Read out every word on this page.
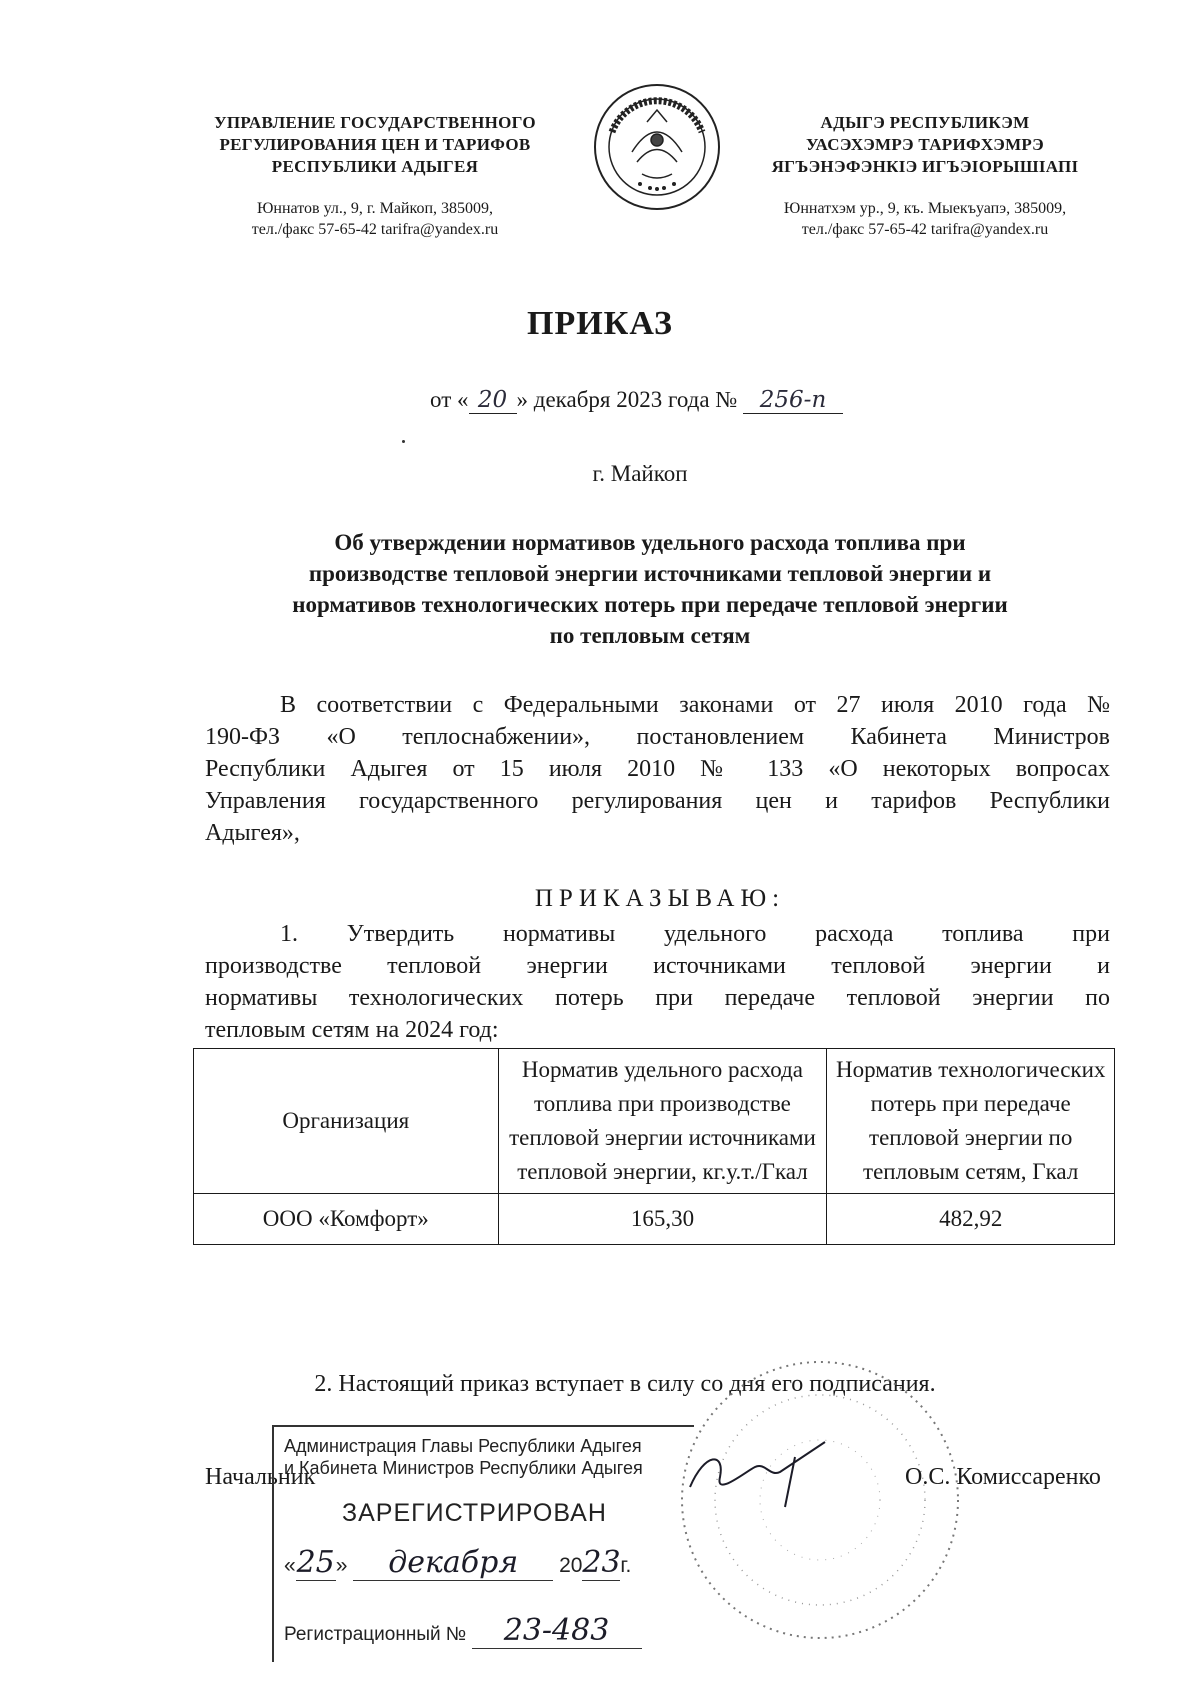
УПРАВЛЕНИЕ ГОСУДАРСТВЕННОГО
РЕГУЛИРОВАНИЯ ЦЕН И ТАРИФОВ
РЕСПУБЛИКИ АДЫГЕЯ
Юннатов ул., 9, г. Майкоп, 385009,
тел./факс 57-65-42 tarifra@yandex.ru
АДЫГЭ РЕСПУБЛИКЭМ
УАСЭХЭМРЭ ТАРИФХЭМРЭ
ЯГЪЭНЭФЭНКIЭ ИГЪЭIОРЫШIАПI
Юннатхэм ур., 9, къ. Мыекъуапэ, 385009,
тел./факс 57-65-42 tarifra@yandex.ru
ПРИКАЗ
от « 20 » декабря 2023 года № 256-п
г. Майкоп
Об утверждении нормативов удельного расхода топлива при
производстве тепловой энергии источниками тепловой энергии и
нормативов технологических потерь при передаче тепловой энергии
по тепловым сетям
В соответствии с Федеральными законами от 27 июля 2010 года №
190-ФЗ «О теплоснабжении», постановлением Кабинета Министров
Республики Адыгея от 15 июля 2010 № 133 «О некоторых вопросах
Управления государственного регулирования цен и тарифов Республики
Адыгея»,
ПРИКАЗЫВАЮ:
1. Утвердить нормативы удельного расхода топлива при
производстве тепловой энергии источниками тепловой энергии и
нормативы технологических потерь при передаче тепловой энергии по
тепловым сетям на 2024 год:
Организация	Норматив удельного расхода топлива при производстве тепловой энергии источниками тепловой энергии, кг.у.т./Гкал	Норматив технологических потерь при передаче тепловой энергии по тепловым сетям, Гкал
ООО «Комфорт»	165,30	482,92
2. Настоящий приказ вступает в силу со дня его подписания.
Начальник	О.С. Комиссаренко
Администрация Главы Республики Адыгея
и Кабинета Министров Республики Адыгея
ЗАРЕГИСТРИРОВАН
«25» декабря 2023г.
Регистрационный № 23-483
